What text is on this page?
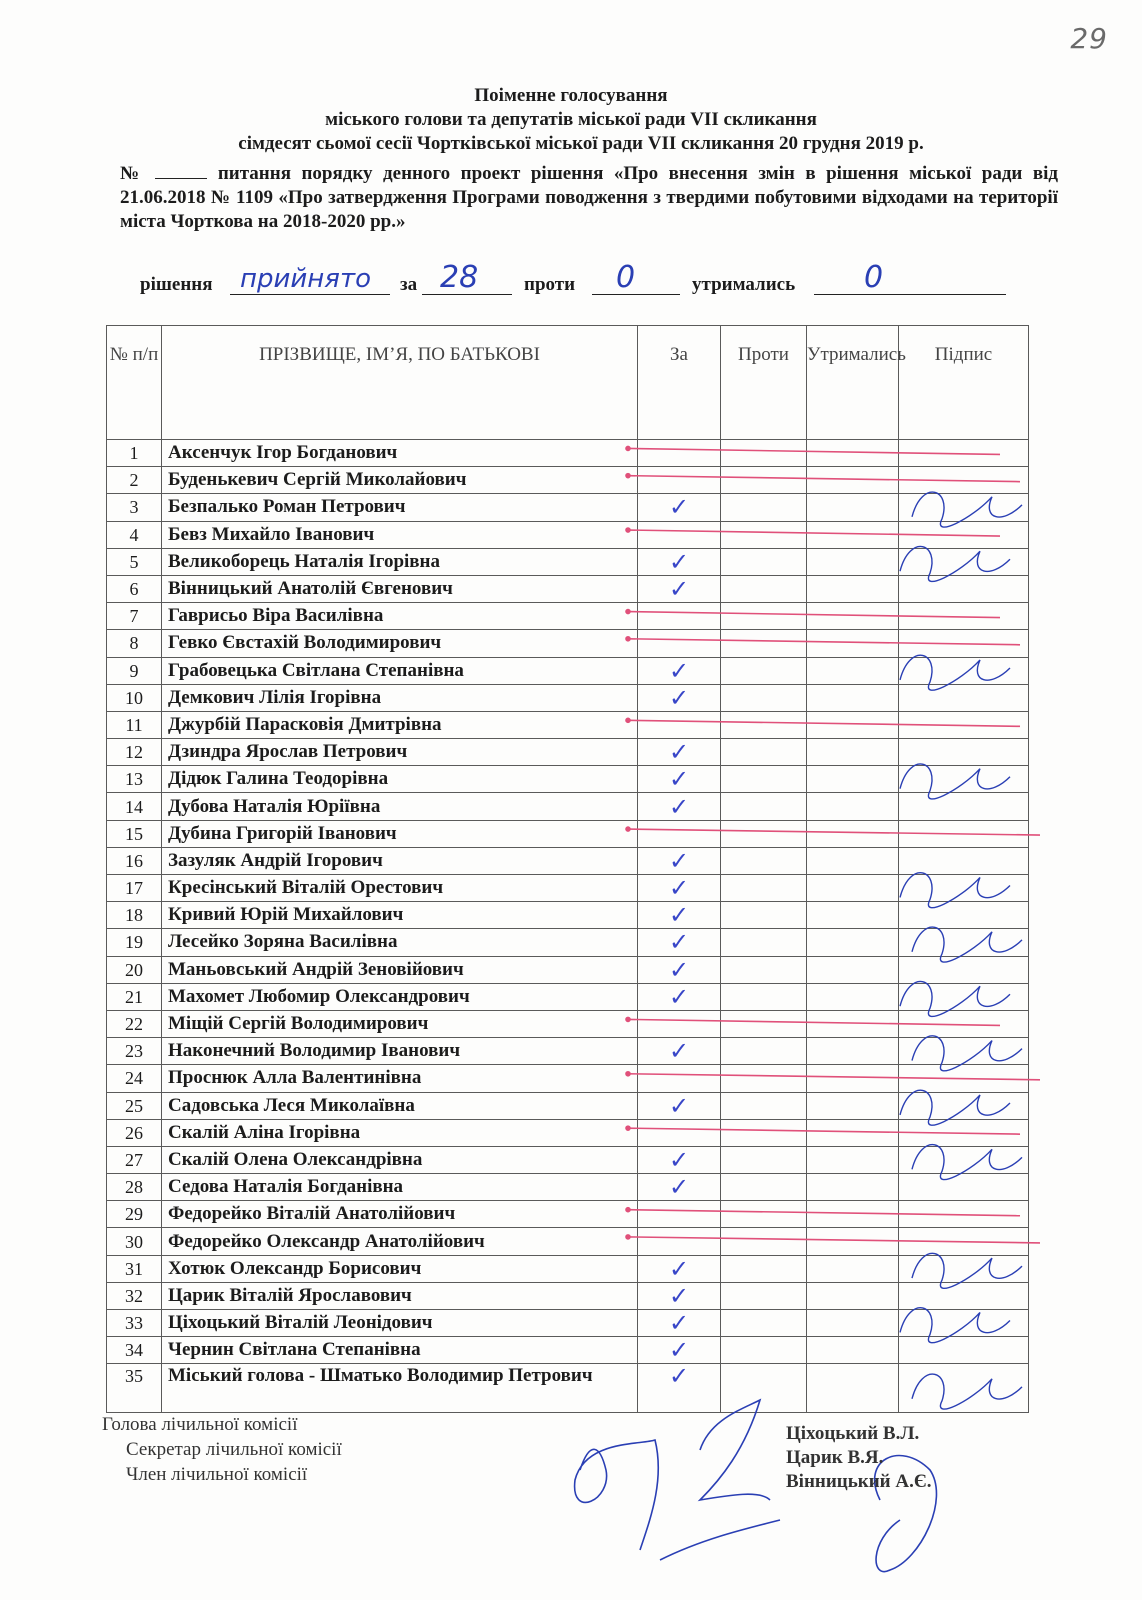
29
Поіменне голосування
міського голови та депутатів міської ради VII скликання
сімдесят сьомої сесії Чортківської міської ради VII скликання 20 грудня 2019 р.
№	питання порядку денного проект рішення «Про внесення змін в рішення міської ради від 21.06.2018 № 1109 «Про затвердження Програми поводження з твердими побутовими відходами на території міста Чорткова на 2018-2020 рр.»
рішення прийнято за 28 проти 0	утримались 0
№ п/п	ПРІЗВИЩЕ, ІМ’Я, ПО БАТЬКОВІ	За	Проти	Утримались	Підпис
1	Аксенчук Ігор Богданович				
2	Буденькевич Сергій Миколайович				
3	Безпалько Роман Петрович	✓			
4	Бевз Михайло Іванович				
5	Великоборець Наталія Ігорівна	✓			
6	Вінницький Анатолій Євгенович	✓			
7	Гаврисьо Віра Василівна				
8	Гевко Євстахій Володимирович				
9	Грабовецька Світлана Степанівна	✓			
10	Демкович Лілія Ігорівна	✓			
11	Джурбій Парасковія Дмитрівна				
12	Дзиндра Ярослав Петрович	✓			
13	Дідюк Галина Теодорівна	✓			
14	Дубова Наталія Юріївна	✓			
15	Дубина Григорій Іванович				
16	Зазуляк Андрій Ігорович	✓			
17	Кресінський Віталій Орестович	✓			
18	Кривий Юрій Михайлович	✓			
19	Лесейко Зоряна Василівна	✓			
20	Маньовський Андрій Зеновійович	✓			
21	Махомет Любомир Олександрович	✓			
22	Міщій Сергій Володимирович				
23	Наконечний Володимир Іванович	✓			
24	Проснюк Алла Валентинівна				
25	Садовська Леся Миколаївна	✓			
26	Скалій Аліна Ігорівна				
27	Скалій Олена Олександрівна	✓			
28	Седова Наталія Богданівна	✓			
29	Федорейко Віталій Анатолійович				
30	Федорейко Олександр Анатолійович				
31	Хотюк Олександр Борисович	✓			
32	Царик Віталій Ярославович	✓			
33	Ціхоцький Віталій Леонідович	✓			
34	Чернин Світлана Степанівна	✓			
35	Міський голова - Шматько Володимир Петрович	✓			
Голова лічильної комісії
Секретар лічильної комісії
Член лічильної комісії
Ціхоцький В.Л.
Царик В.Я.
Вінницький А.Є.
